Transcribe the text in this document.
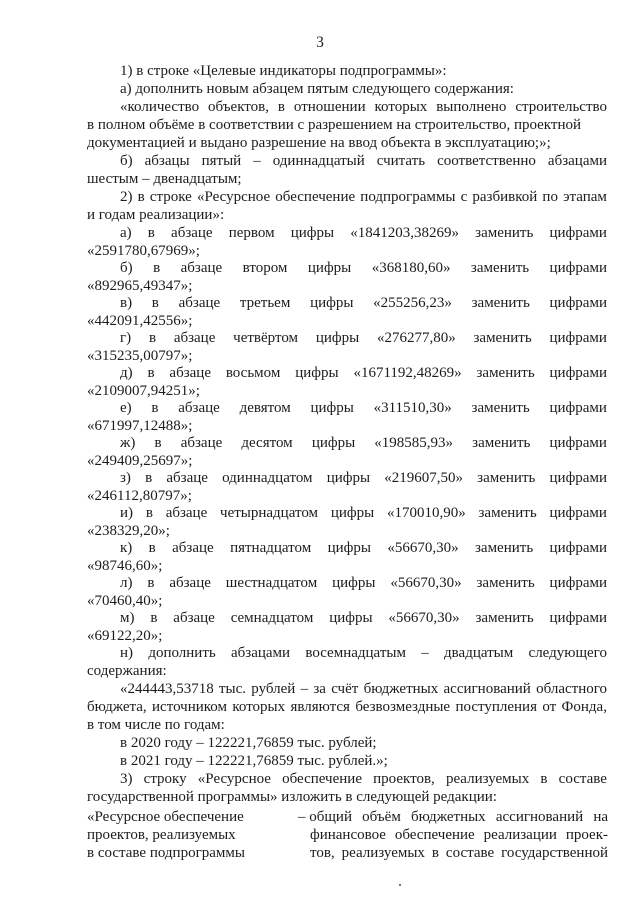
3
1) в строке «Целевые индикаторы подпрограммы»:
а) дополнить новым абзацем пятым следующего содержания:
«количество объектов, в отношении которых выполнено строительство
в полном объёме в соответствии с разрешением на строительство, проектной
документацией и выдано разрешение на ввод объекта в эксплуатацию;»;
б) абзацы пятый – одиннадцатый считать соответственно абзацами
шестым – двенадцатым;
2) в строке «Ресурсное обеспечение подпрограммы с разбивкой по этапам
и годам реализации»:
а) в абзаце первом цифры «1841203,38269» заменить цифрами
«2591780,67969»;
б) в абзаце втором цифры «368180,60» заменить цифрами
«892965,49347»;
в) в абзаце третьем цифры «255256,23» заменить цифрами
«442091,42556»;
г) в абзаце четвёртом цифры «276277,80» заменить цифрами
«315235,00797»;
д) в абзаце восьмом цифры «1671192,48269» заменить цифрами
«2109007,94251»;
е) в абзаце девятом цифры «311510,30» заменить цифрами
«671997,12488»;
ж) в абзаце десятом цифры «198585,93» заменить цифрами
«249409,25697»;
з) в абзаце одиннадцатом цифры «219607,50» заменить цифрами
«246112,80797»;
и) в абзаце четырнадцатом цифры «170010,90» заменить цифрами
«238329,20»;
к) в абзаце пятнадцатом цифры «56670,30» заменить цифрами
«98746,60»;
л) в абзаце шестнадцатом цифры «56670,30» заменить цифрами
«70460,40»;
м) в абзаце семнадцатом цифры «56670,30» заменить цифрами
«69122,20»;
н) дополнить абзацами восемнадцатым – двадцатым следующего
содержания:
«244443,53718 тыс. рублей – за счёт бюджетных ассигнований областного
бюджета, источником которых являются безвозмездные поступления от Фонда,
в том числе по годам:
в 2020 году – 122221,76859 тыс. рублей;
в 2021 году – 122221,76859 тыс. рублей.»;
3) строку «Ресурсное обеспечение проектов, реализуемых в составе
государственной программы» изложить в следующей редакции:
«Ресурсное обеспечение
проектов, реализуемых
в составе подпрограммы
– общий объём бюджетных ассигнований на
финансовое обеспечение реализации проек-
тов, реализуемых в составе государственной
